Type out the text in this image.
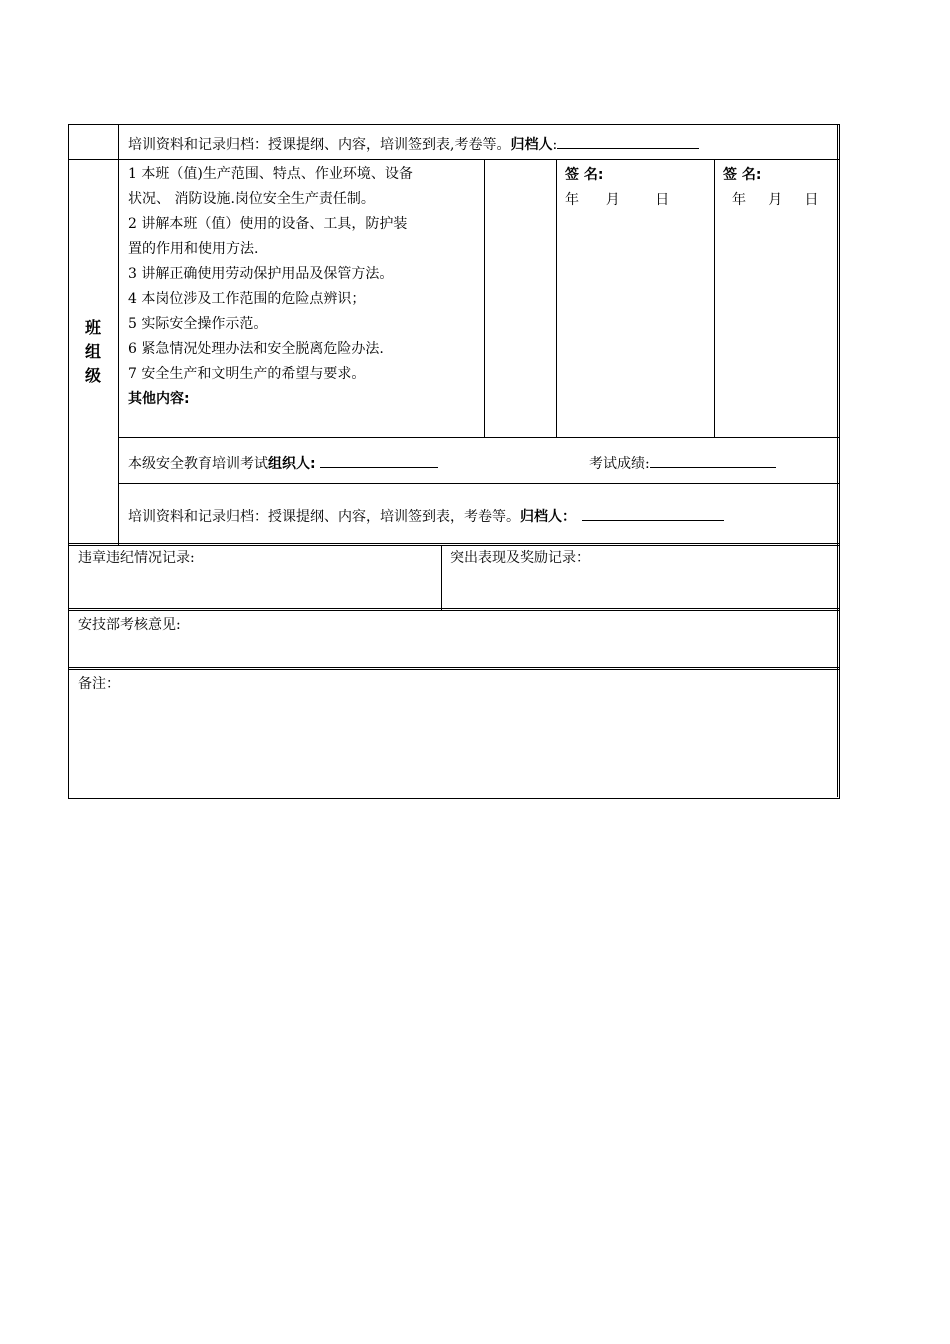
培训资料和记录归档：授课提纲、内容，培训签到表,考卷等。归档人:
班
组
级
1 本班（值)生产范围、特点、作业环境、设备
状况、 消防设施.岗位安全生产责任制。
2 讲解本班（值）使用的设备、工具，防护装
置的作用和使用方法.
3 讲解正确使用劳动保护用品及保管方法。
4 本岗位涉及工作范围的危险点辨识；
5 实际安全操作示范。
6 紧急情况处理办法和安全脱离危险办法.
7 安全生产和文明生产的希望与要求。
其他内容:
签 名:
年      月        日
签 名:
年     月     日
本级安全教育培训考试组织人:	考试成绩:
培训资料和记录归档：授课提纲、内容，培训签到表，考卷等。归档人：
违章违纪情况记录:	突出表现及奖励记录：
安技部考核意见:
备注：
